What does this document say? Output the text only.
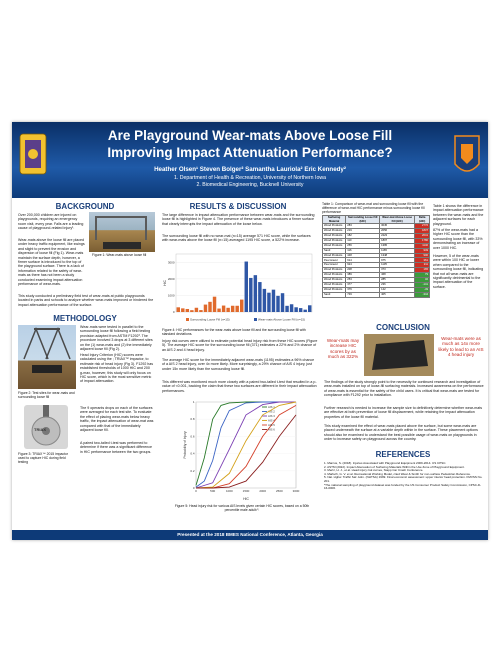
Are Playground Wear-mats Above Loose Fill
Improving Impact Attenuation Performance?
Heather Olsen¹ Steven Bolger² Samantha Lauriola² Eric Kennedy²
1. Department of Health & Recreation, University of Northern Iowa
2. Biomedical Engineering, Bucknell University
BACKGROUND
Over 200,000 children are injured on playgrounds, requiring an emergency room visit, every year. Falls are a leading cause of playground-related injury¹.
Figure 1: Wear-mats above loose fill
Wear-mats above the loose fill are placed under heavy traffic equipment, like swings and slight to prevent the erosion and dispersion of loose fill (Fig 1). Wear-mats maintain the surface depth, however, a firmer surface is introduced to the top of the playground surface. There is a lack of information related to the safety of wear-mats as there has not been a study conducted examining impact attenuation performance of wear-mats.
This study conducted a preliminary field test of wear-mats at public playgrounds located in parks and schools to analyze whether wear-mats improved or hindered the impact attenuation performance of the surface.
METHODOLOGY
Figure 2: Test sites for wear-mats and surrounding loose fill
TRIAX
Figure 3: TRIAX™ 2015 impactor used to capture HIC during field testing
Wear-mats were tested in parallel to the surrounding loose fill following a field testing provision adapted from ASTM F1292³. The procedure involved 3 drops at 3 different sites on the (1) wear-mats and (2) the immediately adjacent loose fill (Fig 2).
Head Injury Criterion (HIC) scores were calculated using the ; TRIAX™ impactor, to estimate risk of head injury (Fig 3). F1292 has established thresholds of 1000 HIC and 200 g-max, however, this study will only focus on HIC score, which is the most sensitive metric of impact attenuation.
The 9 operants drops on each of the surfaces were averaged for each test site. To evaluate the effect of placing wear-mats below heavy traffic, the impact attenuation of wear-mat was compared with that of the immediately adjacent loose fill.
A paired two-tailed t-test was performed to determine if there was a significant difference in HIC performance between the two groups.
RESULTS & DISCUSSION
The large difference in impact attenuation performance between wear-mats and the surrounding loose fill is highlighted in Figure 4. The presence of these wear-mats introduces a firmer surface that clearly interrupts the impact attenuation of the loose below.
The surrounding loose fill with no wear-mat (n=15) average 571 HIC score, while the surfaces with wear-mats above the loose fill (n=15) averaged 1195 HIC score, a 522% increase.
0
1000
2000
3000
HIC
Surrounding Loose Fill (n=15)	Wear-mats Above Loose Fill (n=15)
Figure 4: HIC performances for the wear-mats above loose fill and the surrounding loose fill with standard deviations.
Injury risk curves were utilized to estimate potential head injury risk from these HIC scores (Figure 5). The average HIC score for the surrounding loose fill (371) estimates a 22% and 2% chance of an AIS 2 and 4 head injury.
The average HIC score for the immediately adjacent wear-mats (1195) estimates a 96% chance of a AIS 2 head injury, over 4x more likely. More surprisingly, a 29% chance of AIS 4 injury, just under 15x more likely than the surrounding loose fill.
This different was monitored much more closely with a paired two-tailed t-test that resulted in a p-value of <0.001, backing the claim that these two surfaces are different in their impact attenuation performances.
0
0.2
0.4
0.6
0.8
1
0	500	1000	1500	2000	2500	3000
HIC
Probability of Injury
AIS 1
AIS 2
AIS 3
AIS 4
AIS 5
AIS 6
Figure 5: Head injury risk for various AIS levels given certain HIC scores, based on a 50th percentile male adult¹⁰.
Table 1: Comparison of wear-mat and surrounding loose fill with the difference of wear-mat HIC performance minus surrounding loose fill performance
Surfacing Material	Surrounding Loose Fill (HIC)	Wear-mat Above Loose Fill (HIC)	Delta (HIC)
Wood Products	283	3045	2776
Wood Products	219	2056	1837
Wood Products	182	2223	2041
Wood Products	110	1807	1780
Wood Products	256	1395	1140
Sand	116	1165	949
Wood Products	448	1348	900
Pea Gravel	614	975	361
Pea Gravel	924	1135	211
Wood Products	208	373	165
Wood Products	389	468	79
Wood Products	253	285	32
Wood Products	377	236	-141
Wood Products	376	142	-49
Sand	749	405	-344
Table 1 shows the difference in impact attenuation performance between the wear-mats and the adjacent surfaces for each playground.
87% of the wear-mats had a higher HIC score than the surrounding loose fill, with 33% demonstrating an increase of over 1000 HIC.
However, 5 of the wear-mats were within 100 HIC or lower when compared to the surrounding loose fill, indicating that not all wear-mats are significantly detrimental to the impact attenuation of the surface.
CONCLUSION
Wear-mats may increase HIC scores by as much as 322%
Wear-mats were as much as 14x more likely to lead to an AIS 4 head injury
The findings of the study strongly point to the necessity for continued research and investigation of wear-mats installed on top of loose-fill surfacing materials. Increased awareness on the performance of wear-mats is essential for the safety of the child users. It is critical that wear-mats are tested for compliance with F1292 prior to installation.
Further research is needed to increase the sample size to definitively determine whether wear-mats are effective at both prevention of loose fill displacement, while retaining the impact attenuation properties of the loose fill material.
This study examined the effect of wear-mats placed above the surface, but some wear-mats are placed underneath the surface at a variable depth within in the surface. These placement options should also be examined to understand the best possible usage of wear-mats on playgrounds in order to increase safety on playground across the country.
REFERENCES
1. Marcus, S. (2018). Injuries Associated with Playground Equipment 2009-2014. US CPSC.
2. ASTM (2022). Impact Attenuation of Surfacing Materials Within the Use Zone of Playground Equipment.
3. Mertz, H. J., et al. Head injury risk curves, Stapp Car Crash Conference.
4. Marlsch, G. V. et al. Recreational Working Model, cited Wear & Smith for non-surface Pedestrian Reference.
5. Nat. Hghw. Traffic Saf. Adm. (NHTSA) 1999. Final economic assessment: upper interior head protection. FMVSS No. 201.
*The national sampling of playground dataset was funded by the US Consumer Product Safety Commission, CPSC-D-16-0006.
Presented at the 2018 BMES National Conference, Atlanta, Georgia
